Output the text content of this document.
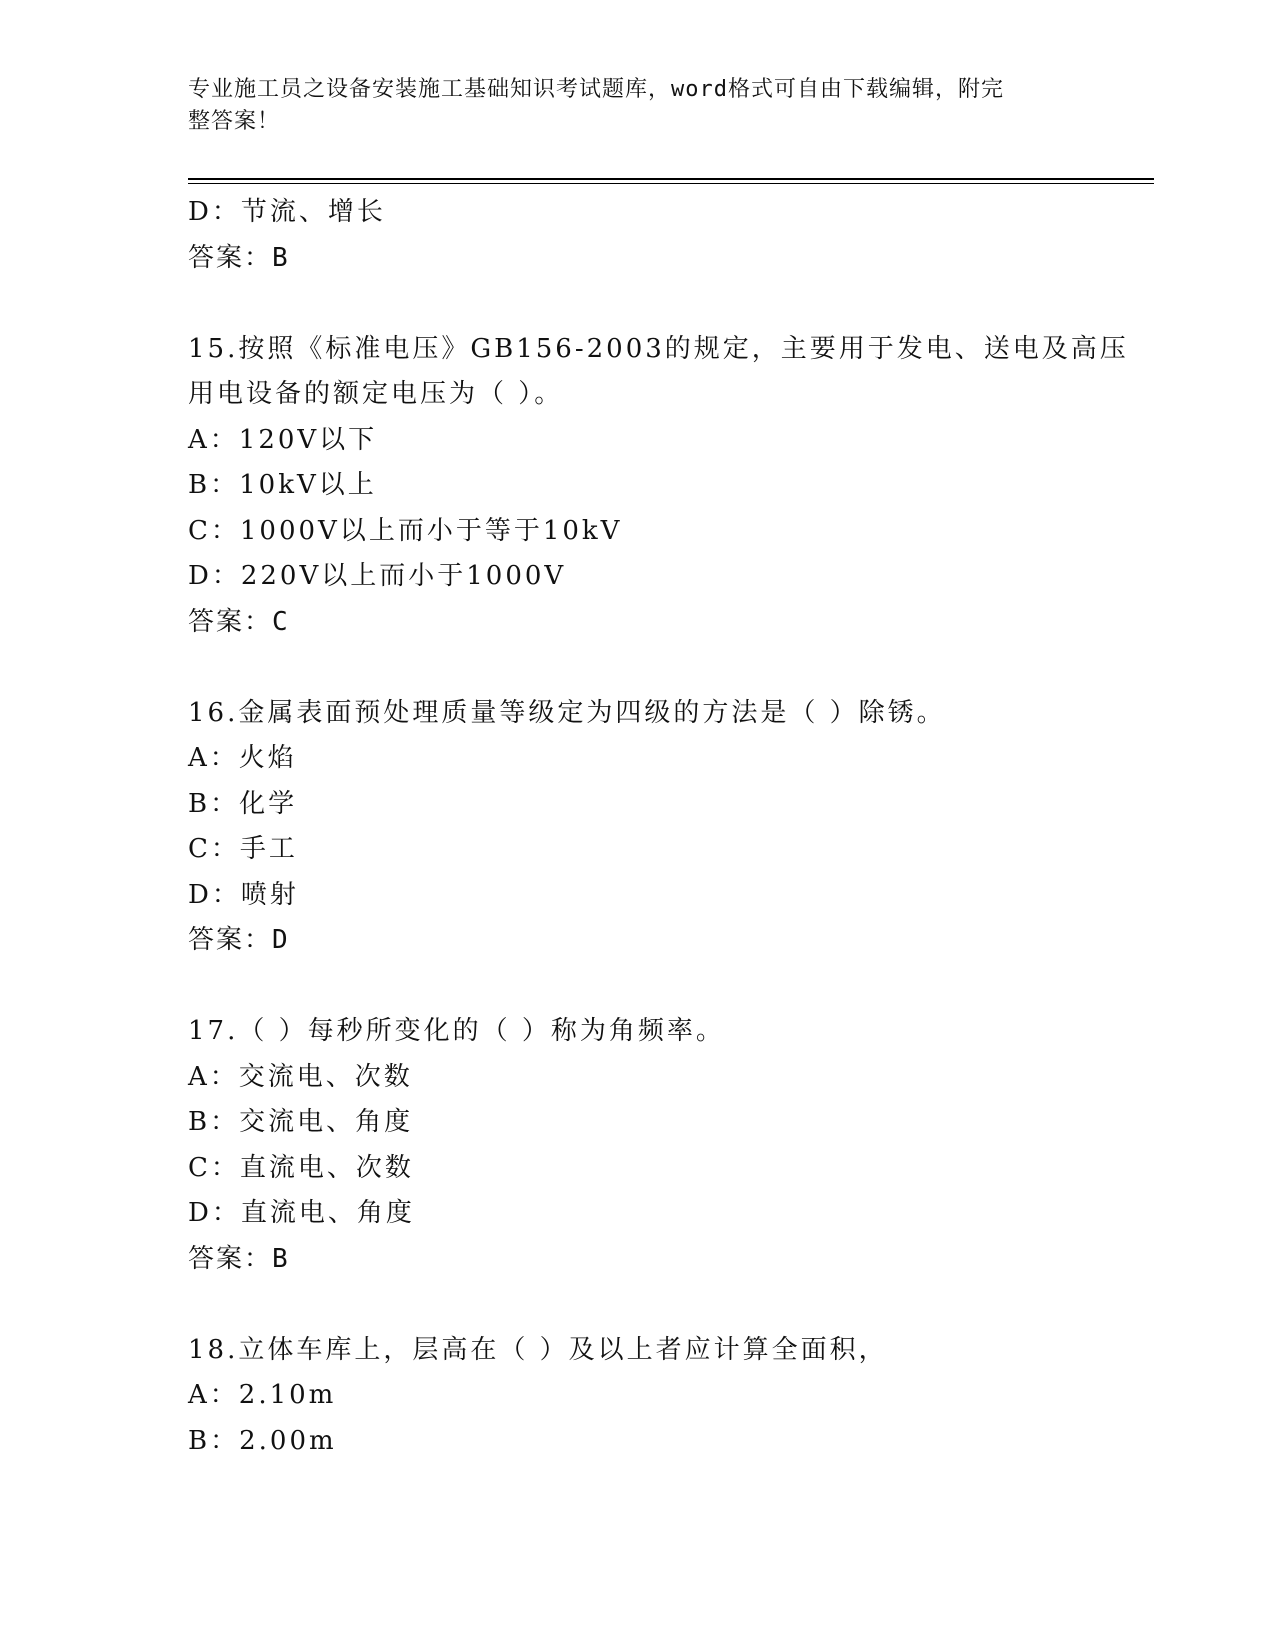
专业施工员之设备安装施工基础知识考试题库，word格式可自由下载编辑，附完
整答案！
D：节流、增长
答案：B
15.按照《标准电压》GB156-2003的规定，主要用于发电、送电及高压
用电设备的额定电压为（ ）。
A：120V以下
B：10kV以上
C：1000V以上而小于等于10kV
D：220V以上而小于1000V
答案：C
16.金属表面预处理质量等级定为四级的方法是（ ）除锈。
A：火焰
B：化学
C：手工
D：喷射
答案：D
17.（ ）每秒所变化的（ ）称为角频率。
A：交流电、次数
B：交流电、角度
C：直流电、次数
D：直流电、角度
答案：B
18.立体车库上，层高在（ ）及以上者应计算全面积，
A：2.10m
B：2.00m
